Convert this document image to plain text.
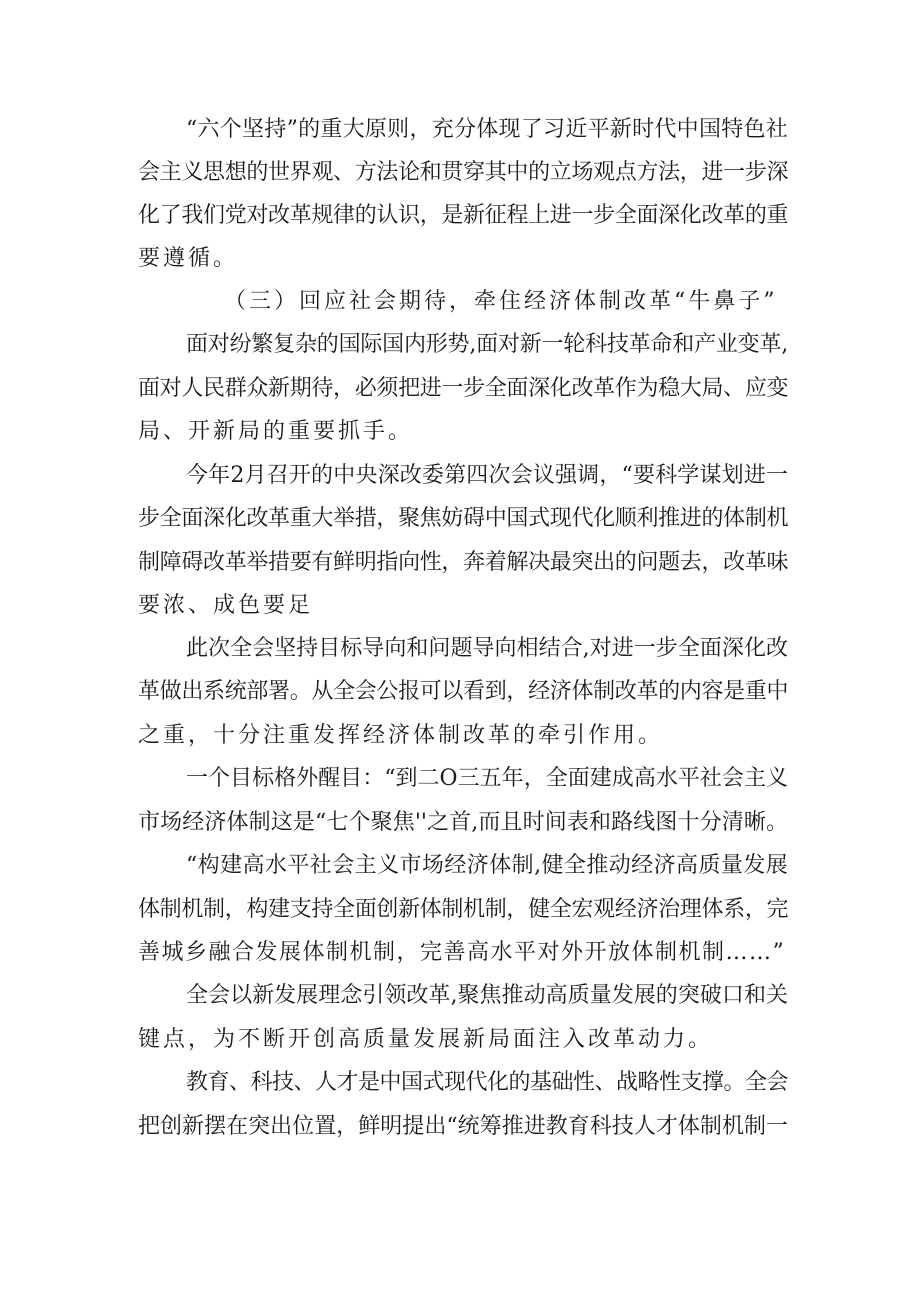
“六个坚持”的重大原则，充分体现了习近平新时代中国特色社
会主义思想的世界观、方法论和贯穿其中的立场观点方法，进一步深
化了我们党对改革规律的认识，是新征程上进一步全面深化改革的重
要遵循。
（三）回应社会期待，牵住经济体制改革“牛鼻子”
面对纷繁复杂的国际国内形势,面对新一轮科技革命和产业变革,
面对人民群众新期待，必须把进一步全面深化改革作为稳大局、应变
局、开新局的重要抓手。
今年2月召开的中央深改委第四次会议强调，“要科学谋划进一
步全面深化改革重大举措，聚焦妨碍中国式现代化顺利推进的体制机
制障碍改革举措要有鲜明指向性，奔着解决最突出的问题去，改革味
要浓、成色要足
此次全会坚持目标导向和问题导向相结合,对进一步全面深化改
革做出系统部署。从全会公报可以看到，经济体制改革的内容是重中
之重，十分注重发挥经济体制改革的牵引作用。
一个目标格外醒目：“到二O三五年，全面建成高水平社会主义
市场经济体制这是“七个聚焦''之首,而且时间表和路线图十分清晰。
“构建高水平社会主义市场经济体制,健全推动经济高质量发展
体制机制，构建支持全面创新体制机制，健全宏观经济治理体系，完
善城乡融合发展体制机制，完善高水平对外开放体制机制……”
全会以新发展理念引领改革,聚焦推动高质量发展的突破口和关
键点，为不断开创高质量发展新局面注入改革动力。
教育、科技、人才是中国式现代化的基础性、战略性支撑。全会
把创新摆在突出位置，鲜明提出“统筹推进教育科技人才体制机制一
